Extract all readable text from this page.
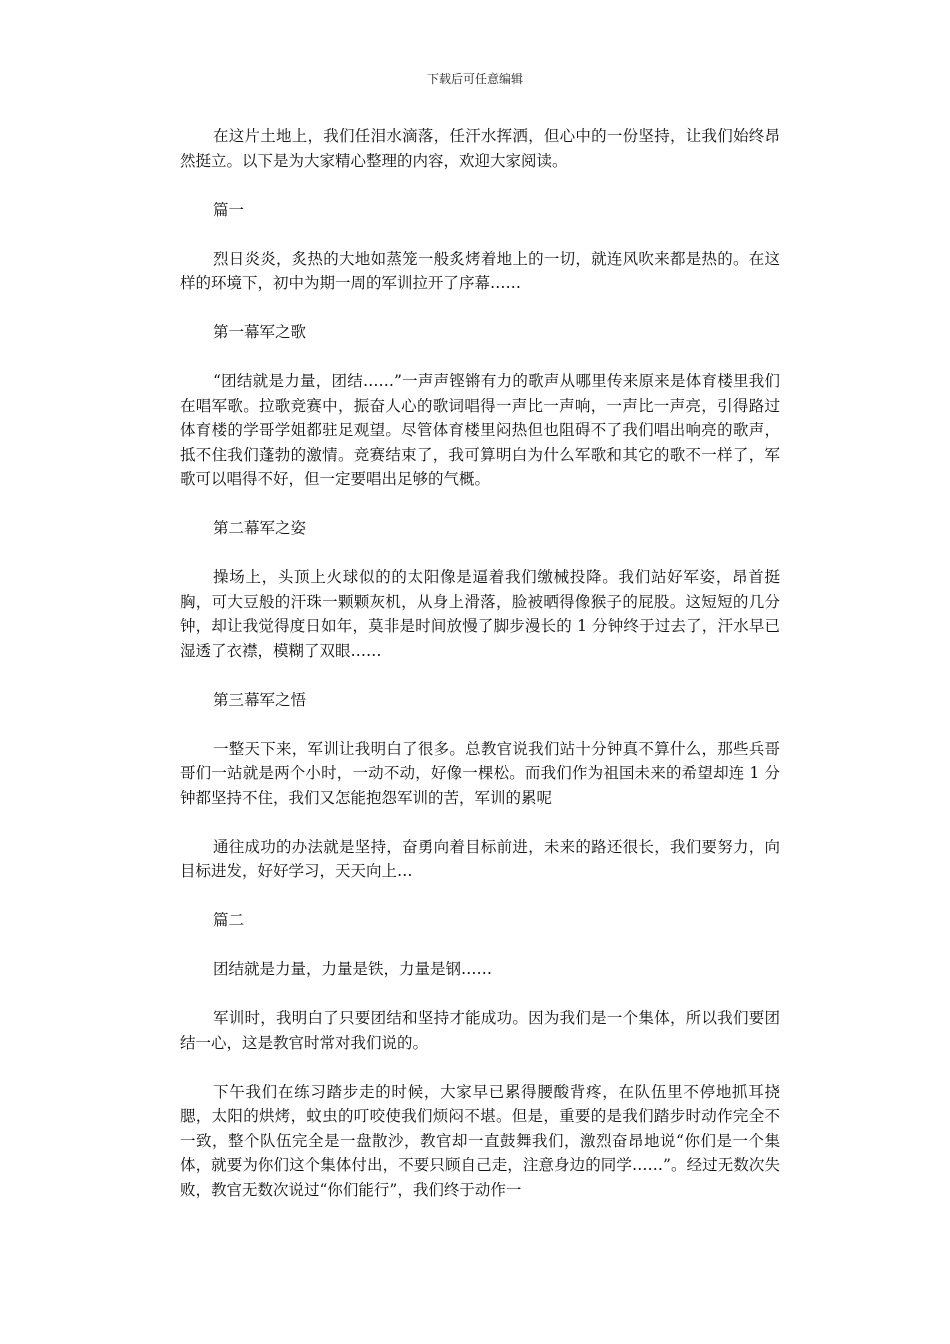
下载后可任意编辑

在这片土地上，我们任泪水滴落，任汗水挥洒，但心中的一份坚持，让我们始终昂然挺立。以下是为大家精心整理的内容，欢迎大家阅读。

篇一

烈日炎炎，炙热的大地如蒸笼一般炙烤着地上的一切，就连风吹来都是热的。在这样的环境下，初中为期一周的军训拉开了序幕……

第一幕军之歌

“团结就是力量，团结……”一声声铿锵有力的歌声从哪里传来原来是体育楼里我们在唱军歌。拉歌竞赛中，振奋人心的歌词唱得一声比一声响，一声比一声亮，引得路过体育楼的学哥学姐都驻足观望。尽管体育楼里闷热但也阻碍不了我们唱出响亮的歌声，抵不住我们蓬勃的激情。竞赛结束了，我可算明白为什么军歌和其它的歌不一样了，军歌可以唱得不好，但一定要唱出足够的气概。

第二幕军之姿

操场上，头顶上火球似的的太阳像是逼着我们缴械投降。我们站好军姿，昂首挺胸，可大豆般的汗珠一颗颗灰机，从身上滑落，脸被晒得像猴子的屁股。这短短的几分钟，却让我觉得度日如年，莫非是时间放慢了脚步漫长的 1 分钟终于过去了，汗水早已湿透了衣襟，模糊了双眼……

第三幕军之悟

一整天下来，军训让我明白了很多。总教官说我们站十分钟真不算什么，那些兵哥哥们一站就是两个小时，一动不动，好像一棵松。而我们作为祖国未来的希望却连 1 分钟都坚持不住，我们又怎能抱怨军训的苦，军训的累呢

通往成功的办法就是坚持，奋勇向着目标前进，未来的路还很长，我们要努力，向目标进发，好好学习，天天向上…

篇二

团结就是力量，力量是铁，力量是钢……

军训时，我明白了只要团结和坚持才能成功。因为我们是一个集体，所以我们要团结一心，这是教官时常对我们说的。

下午我们在练习踏步走的时候，大家早已累得腰酸背疼，在队伍里不停地抓耳挠腮，太阳的烘烤，蚊虫的叮咬使我们烦闷不堪。但是，重要的是我们踏步时动作完全不一致，整个队伍完全是一盘散沙，教官却一直鼓舞我们，激烈奋昂地说“你们是一个集体，就要为你们这个集体付出，不要只顾自己走，注意身边的同学……”。经过无数次失败，教官无数次说过“你们能行”，我们终于动作一
